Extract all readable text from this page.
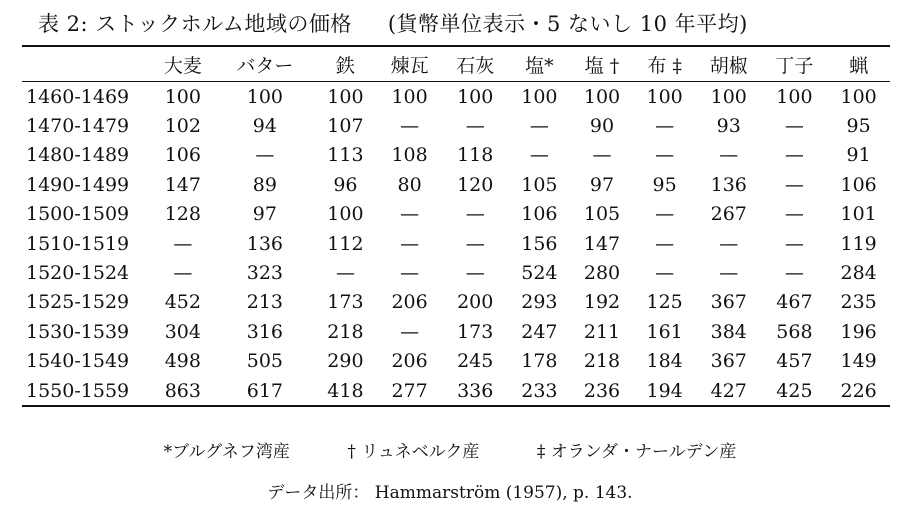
表 2: ストックホルム地域の価格 (貨幣単位表示・5 ないし 10 年平均)
	大麦	バター	鉄	煉瓦	石灰	塩*	塩 †	布 ‡	胡椒	丁子	蝋
1460-1469	100	100	100	100	100	100	100	100	100	100	100
1470-1479	102	94	107	—	—	—	90	—	93	—	95
1480-1489	106	—	113	108	118	—	—	—	—	—	91
1490-1499	147	89	96	80	120	105	97	95	136	—	106
1500-1509	128	97	100	—	—	106	105	—	267	—	101
1510-1519	—	136	112	—	—	156	147	—	—	—	119
1520-1524	—	323	—	—	—	524	280	—	—	—	284
1525-1529	452	213	173	206	200	293	192	125	367	467	235
1530-1539	304	316	218	—	173	247	211	161	384	568	196
1540-1549	498	505	290	206	245	178	218	184	367	457	149
1550-1559	863	617	418	277	336	233	236	194	427	425	226
*ブルグネフ湾産	† リュネベルク産	‡ オランダ・ナールデン産
データ出所： Hammarström (1957), p. 143.
